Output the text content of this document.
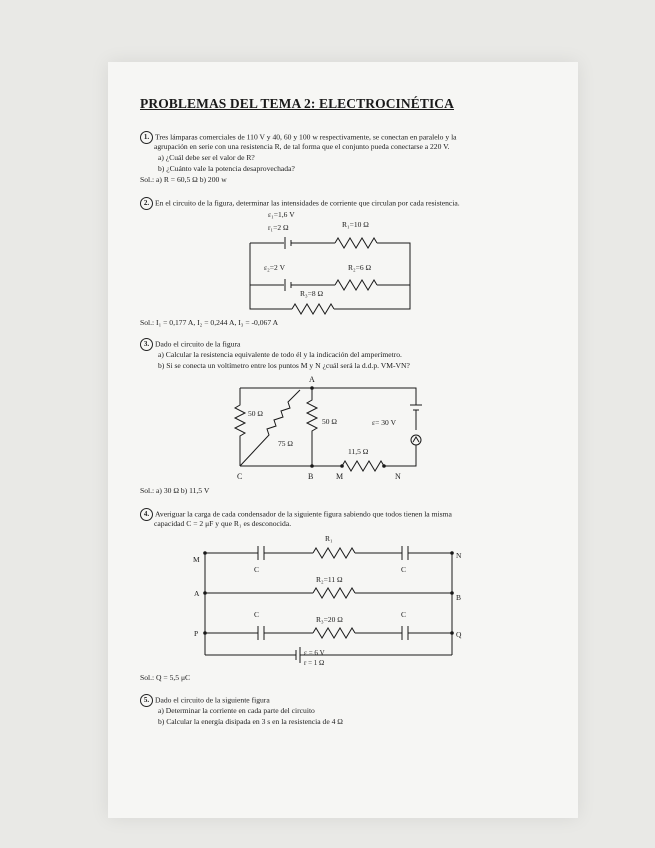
PROBLEMAS DEL TEMA 2: ELECTROCINÉTICA
1. Tres lámparas comerciales de 110 V y 40, 60 y 100 w respectivamente, se conectan en paralelo y la
agrupación en serie con una resistencia R, de tal forma que el conjunto pueda conectarse a 220 V.
a) ¿Cuál debe ser el valor de R?
b) ¿Cuánto vale la potencia desaprovechada?
Sol.: a) R = 60,5 Ω b) 200 w
2. En el circuito de la figura, determinar las intensidades de corriente que circulan por cada resistencia.
ε₁=1,6 V
r₁=2 Ω	R₁=10 Ω
ε₂=2 V	R₂=6 Ω
R₃=8 Ω
A
50 Ω
50 Ω
75 Ω
ε= 30 V
11,5 Ω
C	B	M	N
R₁
R₂=11 Ω
R₃=20 Ω
C	C
C	C
M	N
A	B
P	Q
ε = 6 V
r = 1 Ω
Sol.: I₁ = 0,177 A, I₂ = 0,244 A, I₃ = -0,067 A
3. Dado el circuito de la figura
a) Calcular la resistencia equivalente de todo él y la indicación del amperímetro.
b) Si se conecta un voltímetro entre los puntos M y N ¿cuál será la d.d.p. VM-VN?
Sol.: a) 30 Ω b) 11,5 V
4. Averiguar la carga de cada condensador de la siguiente figura sabiendo que todos tienen la misma
capacidad C = 2 μF y que R₁ es desconocida.
Sol.: Q = 5,5 μC
5. Dado el circuito de la siguiente figura
a) Determinar la corriente en cada parte del circuito
b) Calcular la energía disipada en 3 s en la resistencia de 4 Ω
